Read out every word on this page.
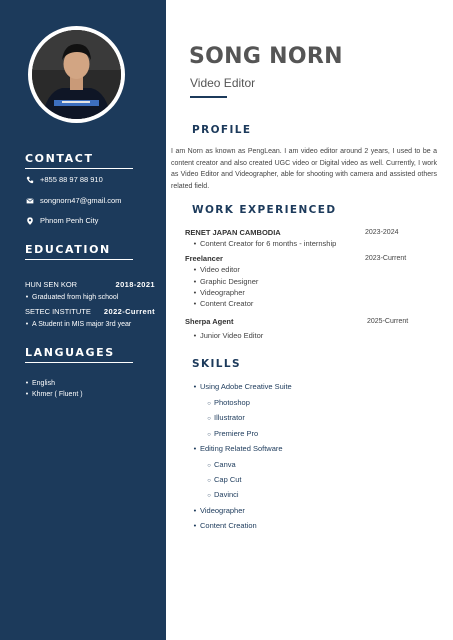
CONTACT
+855 88 97 88 910
songnorn47@gmail.com
Phnom Penh City
EDUCATION
HUN SEN KOR	2018-2021
• Graduated from high school
SETEC INSTITUTE 2022-Current
• A Student in MIS major 3rd year
LANGUAGES
• English
• Khmer ( Fluent )
SONG NORN
Video Editor
PROFILE
I am Norn as known as PengLean. I am video editor around 2 years, I used to be a content creator and also created UGC video or Digital video as well. Currently, I work as Video Editor and Videographer, able for shooting with camera and assisted others related field.
WORK EXPERIENCED
RENET JAPAN CAMBODIA	2023-2024
• Content Creator for 6 months - internship
Freelancer	2023-Current
• Video editor
• Graphic Designer
• Videographer
• Content Creator
Sherpa Agent	2025-Current
• Junior Video Editor
SKILLS
• Using Adobe Creative Suite
○ Photoshop
○ Illustrator
○ Premiere Pro
• Editing Related Software
○ Canva
○ Cap Cut
○ Davinci
• Videographer
• Content Creation
